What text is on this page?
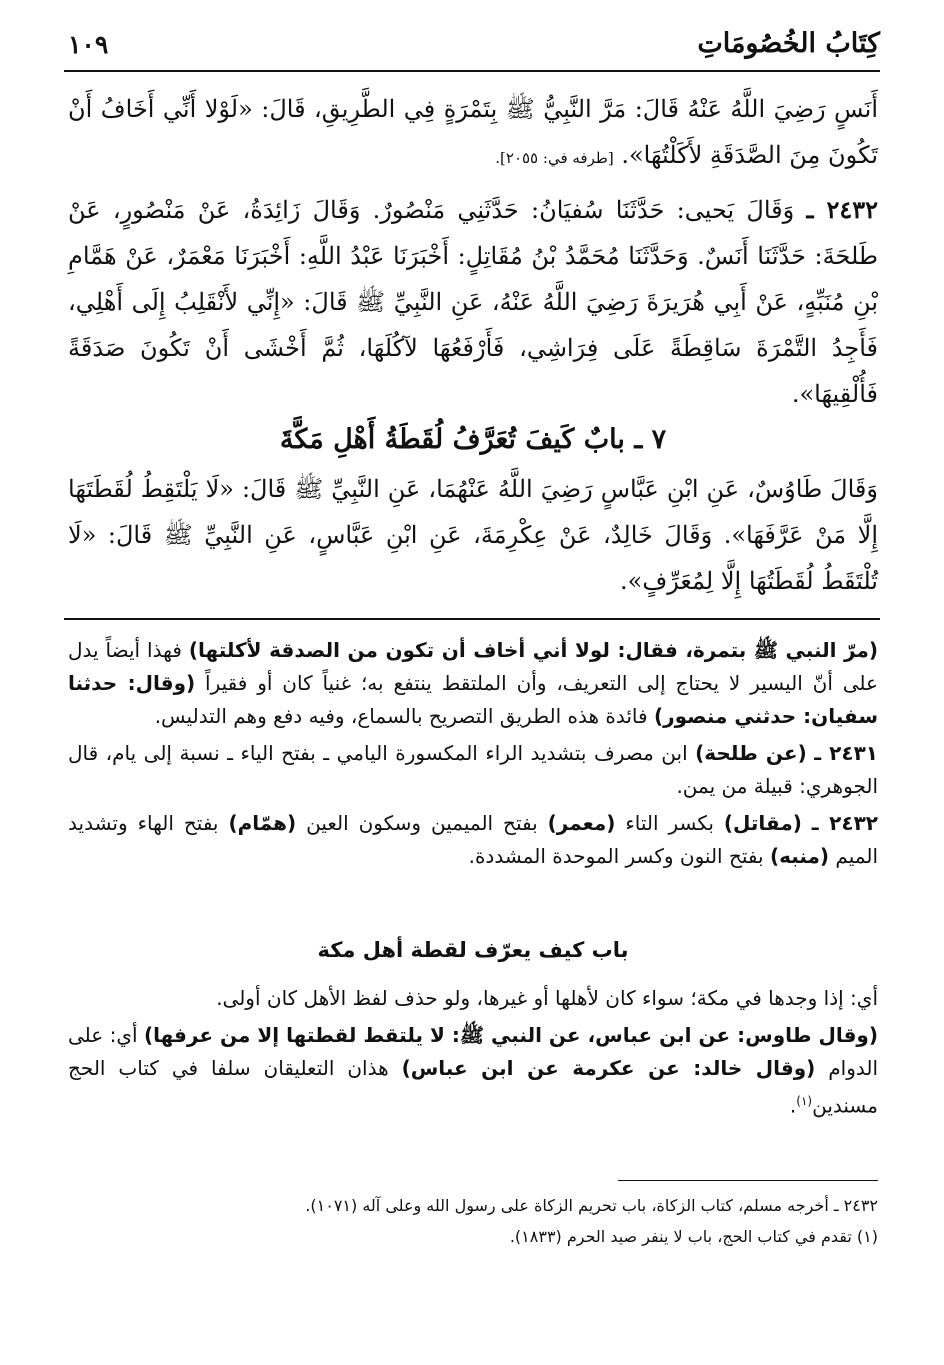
كِتَابُ الخُصُومَاتِ
١٠٩

أَنَسٍ رَضِيَ اللَّهُ عَنْهُ قَالَ: مَرَّ النَّبِيُّ ﷺ بِتَمْرَةٍ فِي الطَّرِيقِ، قَالَ: «لَوْلا أَنِّي أَخَافُ أَنْ تَكُونَ مِنَ الصَّدَقَةِ لأَكَلْتُهَا». [طرفه في: ٢٠٥٥].

٢٤٣٢ ـ وَقَالَ يَحيى: حَدَّثَنَا سُفيَانُ: حَدَّثَنِي مَنْصُورٌ. وَقَالَ زَائِدَةُ، عَنْ مَنْصُورٍ، عَنْ طَلحَةَ: حَدَّثَنَا أَنَسٌ. وَحَدَّثَنَا مُحَمَّدُ بْنُ مُقَاتِلٍ: أَخْبَرَنَا عَبْدُ اللَّهِ: أَخْبَرَنَا مَعْمَرٌ، عَنْ هَمَّامِ بْنِ مُنَبِّهٍ، عَنْ أَبِي هُرَيرَةَ رَضِيَ اللَّهُ عَنْهُ، عَنِ النَّبِيِّ ﷺ قَالَ: «إِنِّي لأَنْقَلِبُ إِلَى أَهْلِي، فَأَجِدُ التَّمْرَةَ سَاقِطَةً عَلَى فِرَاشِي، فَأَرْفَعُهَا لآكُلَهَا، ثُمَّ أَخْشَى أَنْ تَكُونَ صَدَقَةً فَأُلْقِيهَا».

٧ ـ بابٌ كَيفَ تُعَرَّفُ لُقَطَةُ أَهْلِ مَكَّةَ

وَقَالَ طَاوُسٌ، عَنِ ابْنِ عَبَّاسٍ رَضِيَ اللَّهُ عَنْهُمَا، عَنِ النَّبِيِّ ﷺ قَالَ: «لَا يَلْتَقِطُ لُقَطَتَهَا إِلَّا مَنْ عَرَّفَهَا». وَقَالَ خَالِدٌ، عَنْ عِكْرِمَةَ، عَنِ ابْنِ عَبَّاسٍ، عَنِ النَّبِيِّ ﷺ قَالَ: «لَا تُلْتَقَطُ لُقَطَتُهَا إِلَّا لِمُعَرِّفٍ».

(مرّ النبي ﷺ بتمرة، فقال: لولا أني أخاف أن تكون من الصدقة لأكلتها) فهذا أيضاً يدل على أنّ اليسير لا يحتاج إلى التعريف، وأن الملتقط ينتفع به؛ غنياً كان أو فقيراً (وقال: حدثنا سفيان: حدثني منصور) فائدة هذه الطريق التصريح بالسماع، وفيه دفع وهم التدليس.

٢٤٣١ ـ (عن طلحة) ابن مصرف بتشديد الراء المكسورة اليامي ـ بفتح الياء ـ نسبة إلى يام، قال الجوهري: قبيلة من يمن.

٢٤٣٢ ـ (مقاتل) بكسر التاء (معمر) بفتح الميمين وسكون العين (همّام) بفتح الهاء وتشديد الميم (منبه) بفتح النون وكسر الموحدة المشددة.

باب كيف يعرّف لقطة أهل مكة

أي: إذا وجدها في مكة؛ سواء كان لأهلها أو غيرها، ولو حذف لفظ الأهل كان أولى.

(وقال طاوس: عن ابن عباس، عن النبي ﷺ: لا يلتقط لقطتها إلا من عرفها) أي: على الدوام (وقال خالد: عن عكرمة عن ابن عباس) هذان التعليقان سلفا في كتاب الحج مسندين$^{(١)}$.

٢٤٣٢ ـ أخرجه مسلم، كتاب الزكاة، باب تحريم الزكاة على رسول الله وعلى آله (١٠٧١).

(١) تقدم في كتاب الحج، باب لا ينفر صيد الحرم (١٨٣٣).
